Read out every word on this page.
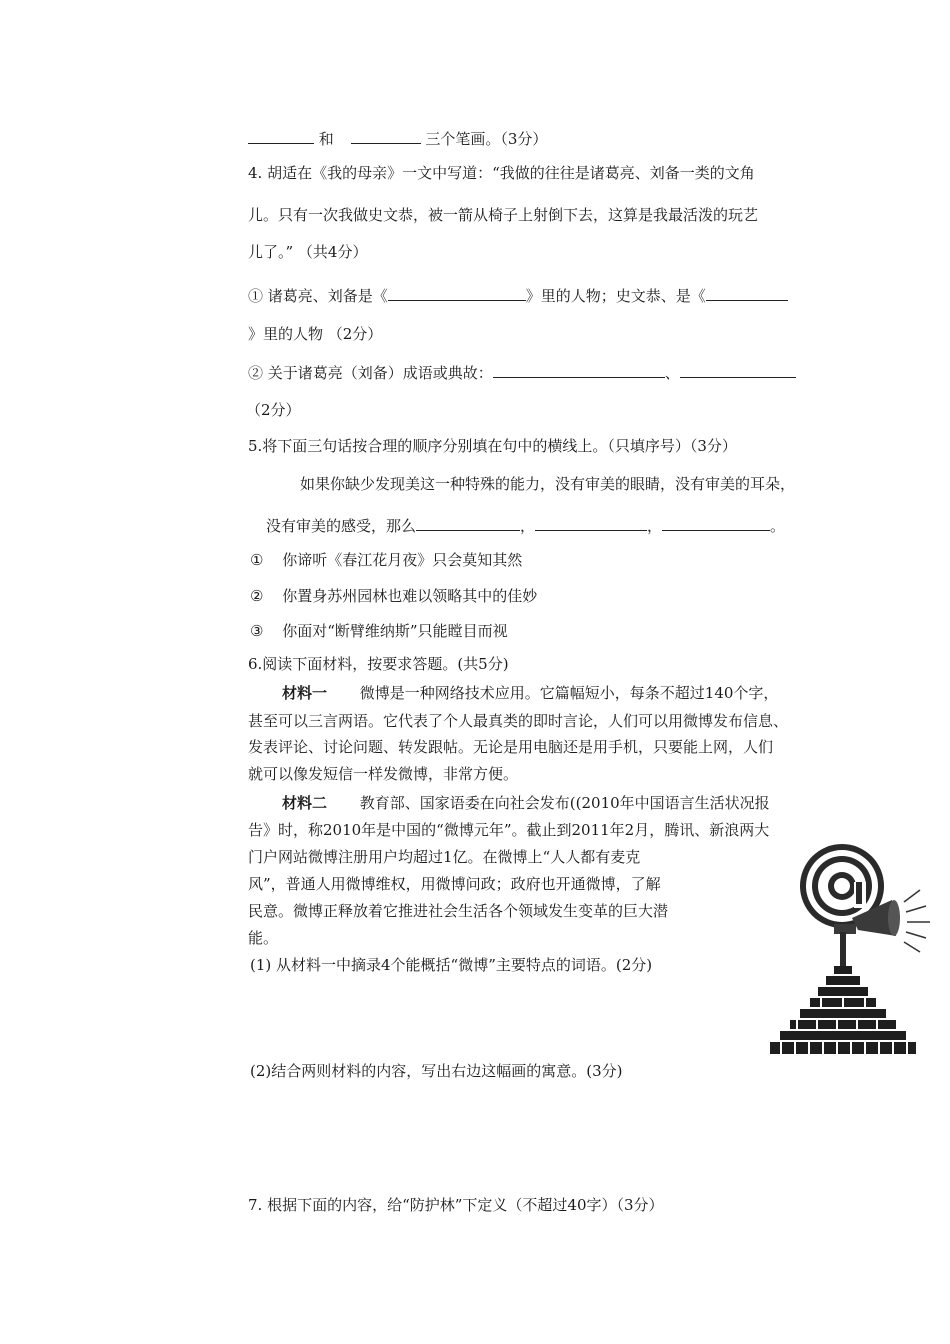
和	三个笔画。（3分）
4. 胡适在《我的母亲》一文中写道：“我做的往往是诸葛亮、刘备一类的文角
儿。只有一次我做史文恭，被一箭从椅子上射倒下去，这算是我最活泼的玩艺
儿了。” （共4分）
① 诸葛亮、刘备是《	》里的人物；史文恭、是《
》里的人物 （2分）
② 关于诸葛亮（刘备）成语或典故：	、
（2分）
5.将下面三句话按合理的顺序分别填在句中的横线上。（只填序号）（3分）
如果你缺少发现美这一种特殊的能力，没有审美的眼睛，没有审美的耳朵，
没有审美的感受，那么	，	，	。
① 你谛听《春江花月夜》只会莫知其然
② 你置身苏州园林也难以领略其中的佳妙
③ 你面对“断臂维纳斯”只能瞠目而视
6.阅读下面材料，按要求答题。(共5分)
材料一 微博是一种网络技术应用。它篇幅短小，每条不超过140个字，
甚至可以三言两语。它代表了个人最真类的即时言论，人们可以用微博发布信息、
发表评论、讨论问题、转发跟帖。无论是用电脑还是用手机，只要能上网，人们
就可以像发短信一样发微博，非常方便。
材料二 教育部、国家语委在向社会发布((2010年中国语言生活状况报
告》时，称2010年是中国的“微博元年”。截止到2011年2月，腾讯、新浪两大
门户网站微博注册用户均超过1亿。在微博上“人人都有麦克
风”，普通人用微博维权，用微博问政；政府也开通微博，了解
民意。微博正释放着它推进社会生活各个领域发生变革的巨大潜
能。
(1) 从材料一中摘录4个能概括“微博”主要特点的词语。(2分)
(2)结合两则材料的内容，写出右边这幅画的寓意。(3分)
7. 根据下面的内容，给“防护林”下定义（不超过40字）（3分）
